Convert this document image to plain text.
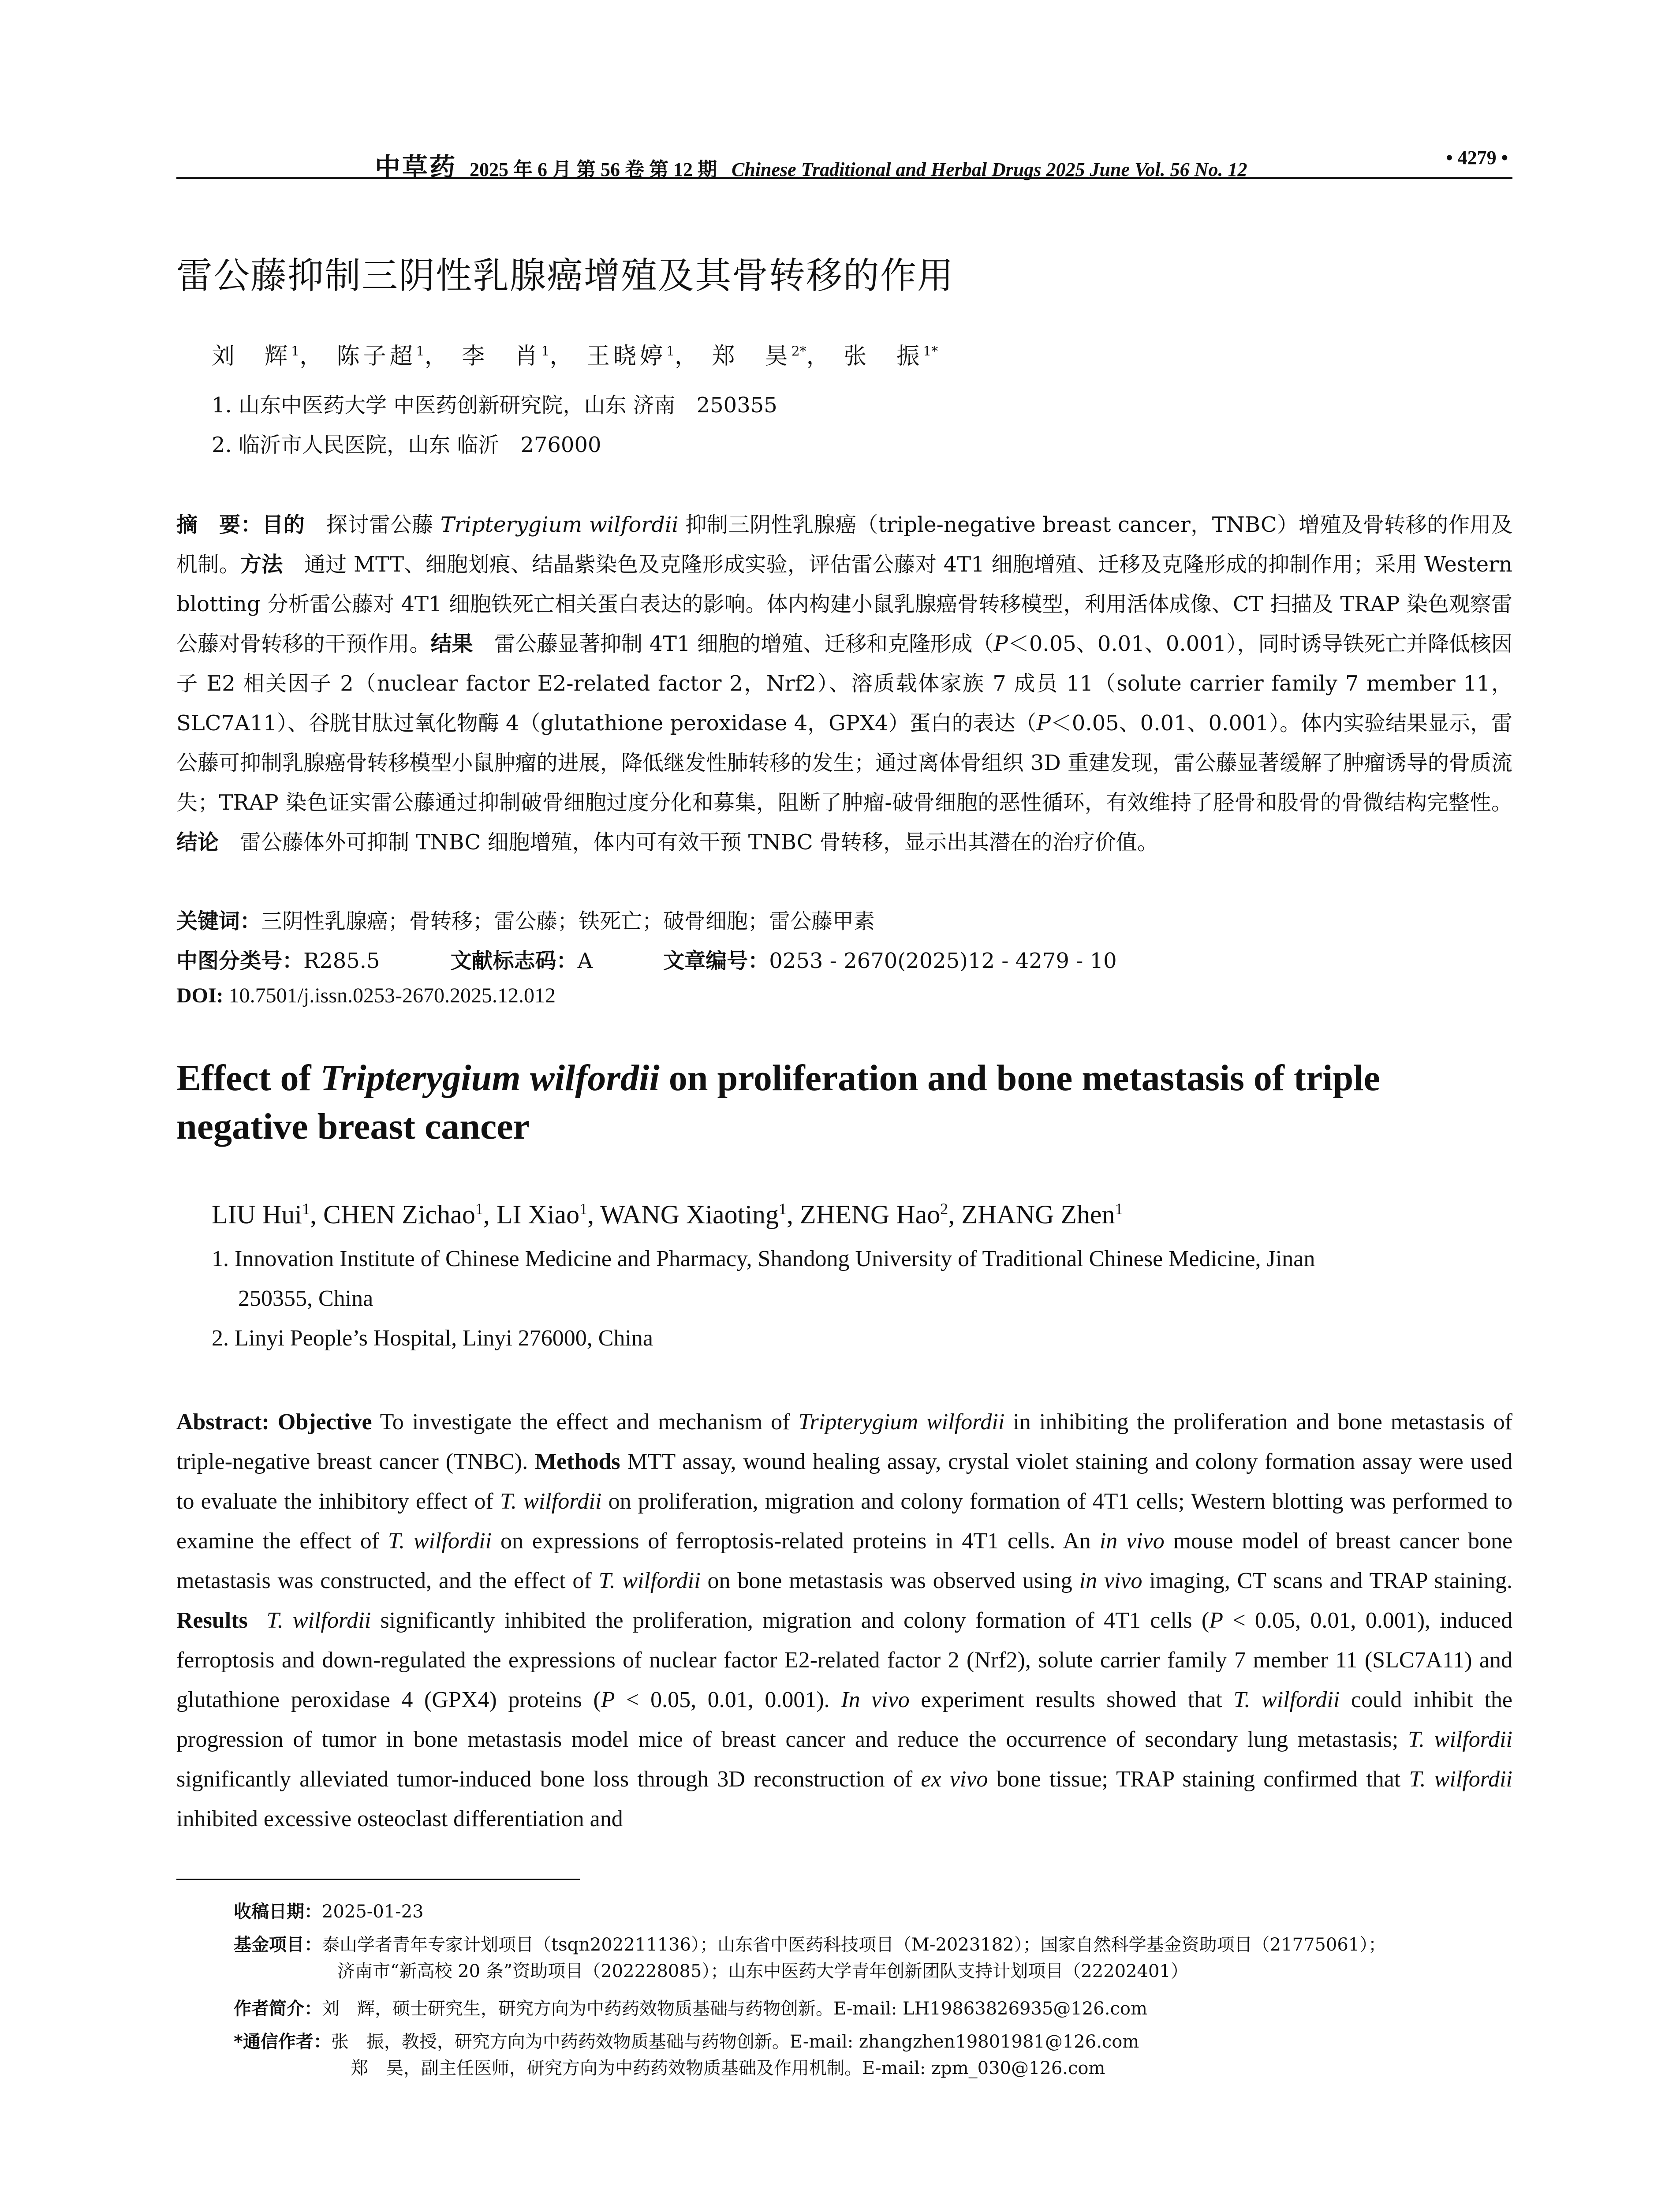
中草药 2025 年 6 月 第 56 卷 第 12 期 Chinese Traditional and Herbal Drugs 2025 June Vol. 56 No. 12
• 4279 •
雷公藤抑制三阴性乳腺癌增殖及其骨转移的作用
刘　辉$^1$， 陈子超$^1$， 李　肖$^1$， 王晓婷$^1$， 郑　昊$^{2*}$， 张　振$^{1*}$
1. 山东中医药大学 中医药创新研究院，山东 济南　250355
2. 临沂市人民医院，山东 临沂　276000
摘　要：目的　 探讨雷公藤 Tripterygium wilfordii 抑制三阴性乳腺癌（triple-negative breast cancer，TNBC）增殖及骨转移的作用及机制。方法　 通过 MTT、细胞划痕、结晶紫染色及克隆形成实验，评估雷公藤对 4T1 细胞增殖、迁移及克隆形成的抑制作用；采用 Western blotting 分析雷公藤对 4T1 细胞铁死亡相关蛋白表达的影响。体内构建小鼠乳腺癌骨转移模型，利用活体成像、CT 扫描及 TRAP 染色观察雷公藤对骨转移的干预作用。结果　 雷公藤显著抑制 4T1 细胞的增殖、迁移和克隆形成（P＜0.05、0.01、0.001），同时诱导铁死亡并降低核因子 E2 相关因子 2（nuclear factor E2-related factor 2，Nrf2）、溶质载体家族 7 成员 11（solute carrier family 7 member 11，SLC7A11）、谷胱甘肽过氧化物酶 4（glutathione peroxidase 4，GPX4）蛋白的表达（P＜0.05、0.01、0.001）。体内实验结果显示，雷公藤可抑制乳腺癌骨转移模型小鼠肿瘤的进展，降低继发性肺转移的发生；通过离体骨组织 3D 重建发现，雷公藤显著缓解了肿瘤诱导的骨质流失；TRAP 染色证实雷公藤通过抑制破骨细胞过度分化和募集，阻断了肿瘤-破骨细胞的恶性循环，有效维持了胫骨和股骨的骨微结构完整性。结论　 雷公藤体外可抑制 TNBC 细胞增殖，体内可有效干预 TNBC 骨转移，显示出其潜在的治疗价值。
关键词：三阴性乳腺癌；骨转移；雷公藤；铁死亡；破骨细胞；雷公藤甲素
中图分类号：R285.5	文献标志码：A	文章编号：0253 - 2670(2025)12 - 4279 - 10
DOI: 10.7501/j.issn.0253-2670.2025.12.012
Effect of Tripterygium wilfordii on proliferation and bone metastasis of triple negative breast cancer
LIU Hui$^1$, CHEN Zichao$^1$, LI Xiao$^1$, WANG Xiaoting$^1$, ZHENG Hao$^2$, ZHANG Zhen$^1$
1. Innovation Institute of Chinese Medicine and Pharmacy, Shandong University of Traditional Chinese Medicine, Jinan
250355, China
2. Linyi People’s Hospital, Linyi 276000, China
Abstract: Objective To investigate the effect and mechanism of Tripterygium wilfordii in inhibiting the proliferation and bone metastasis of triple-negative breast cancer (TNBC). Methods MTT assay, wound healing assay, crystal violet staining and colony formation assay were used to evaluate the inhibitory effect of T. wilfordii on proliferation, migration and colony formation of 4T1 cells; Western blotting was performed to examine the effect of T. wilfordii on expressions of ferroptosis-related proteins in 4T1 cells. An in vivo mouse model of breast cancer bone metastasis was constructed, and the effect of T. wilfordii on bone metastasis was observed using in vivo imaging, CT scans and TRAP staining. Results T. wilfordii significantly inhibited the proliferation, migration and colony formation of 4T1 cells (P < 0.05, 0.01, 0.001), induced ferroptosis and down-regulated the expressions of nuclear factor E2-related factor 2 (Nrf2), solute carrier family 7 member 11 (SLC7A11) and glutathione peroxidase 4 (GPX4) proteins (P < 0.05, 0.01, 0.001). In vivo experiment results showed that T. wilfordii could inhibit the progression of tumor in bone metastasis model mice of breast cancer and reduce the occurrence of secondary lung metastasis; T. wilfordii significantly alleviated tumor-induced bone loss through 3D reconstruction of ex vivo bone tissue; TRAP staining confirmed that T. wilfordii inhibited excessive osteoclast differentiation and
收稿日期：2025-01-23
基金项目：泰山学者青年专家计划项目（tsqn202211136）；山东省中医药科技项目（M-2023182）；国家自然科学基金资助项目（21775061）；
济南市“新高校 20 条”资助项目（202228085）；山东中医药大学青年创新团队支持计划项目（22202401）
作者简介：刘　辉，硕士研究生，研究方向为中药药效物质基础与药物创新。E-mail: LH19863826935@126.com
*通信作者：张　振，教授，研究方向为中药药效物质基础与药物创新。E-mail: zhangzhen19801981@126.com
郑　昊，副主任医师，研究方向为中药药效物质基础及作用机制。E-mail: zpm_030@126.com
